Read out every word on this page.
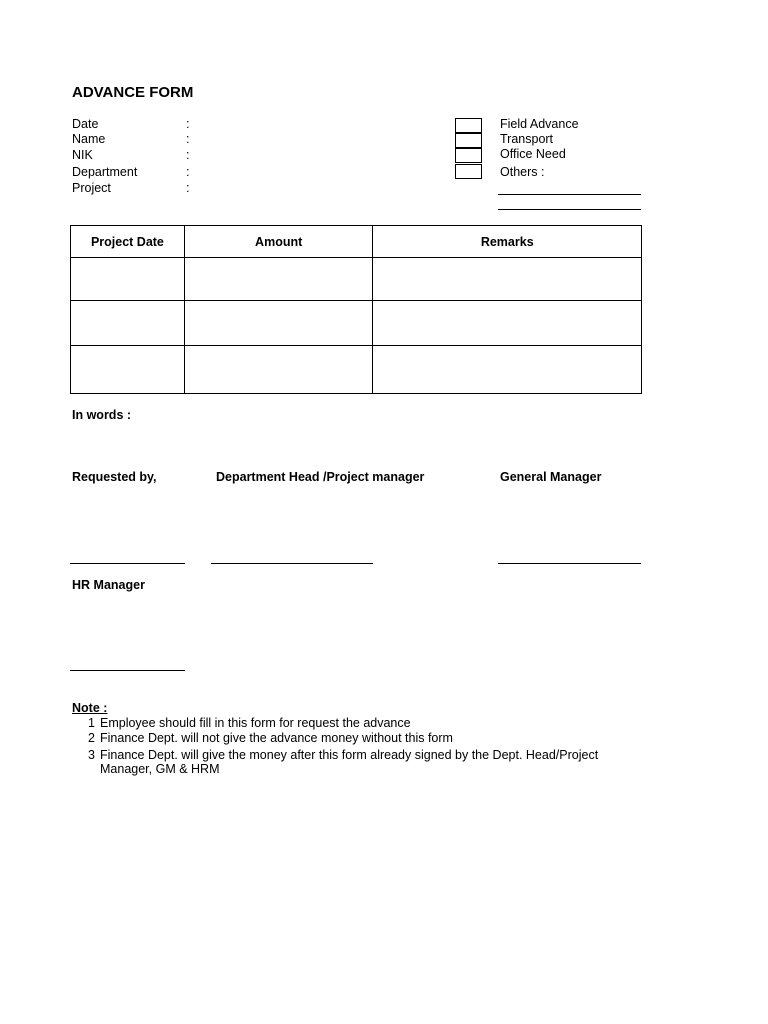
ADVANCE FORM
Date	:
Name	:
NIK	:
Department	:
Project	:
Field Advance
Transport
Office Need
Others :
Project Date	Amount	Remarks

In words :
Requested by,	Department Head /Project manager	General Manager
HR Manager
Note :
1 Employee should fill in this form for request the advance
2 Finance Dept. will not give the advance money without this form
3 Finance Dept. will give the money after this form already signed by the Dept. Head/Project
Manager, GM & HRM
